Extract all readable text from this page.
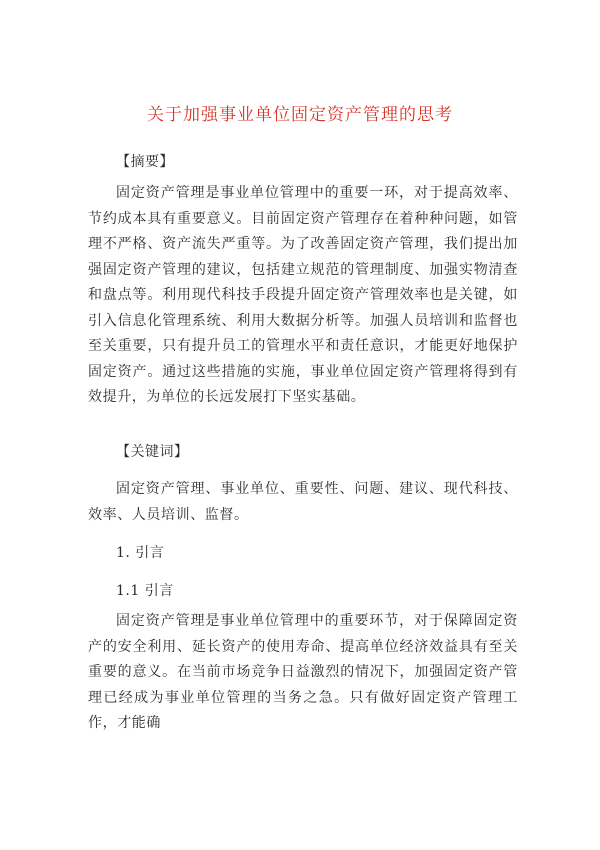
关于加强事业单位固定资产管理的思考

【摘要】

固定资产管理是事业单位管理中的重要一环，对于提高效率、节约成本具有重要意义。目前固定资产管理存在着种种问题，如管理不严格、资产流失严重等。为了改善固定资产管理，我们提出加强固定资产管理的建议，包括建立规范的管理制度、加强实物清查和盘点等。利用现代科技手段提升固定资产管理效率也是关键，如引入信息化管理系统、利用大数据分析等。加强人员培训和监督也至关重要，只有提升员工的管理水平和责任意识，才能更好地保护固定资产。通过这些措施的实施，事业单位固定资产管理将得到有效提升，为单位的长远发展打下坚实基础。

【关键词】

固定资产管理、事业单位、重要性、问题、建议、现代科技、效率、人员培训、监督。

1. 引言

1.1 引言

固定资产管理是事业单位管理中的重要环节，对于保障固定资产的安全利用、延长资产的使用寿命、提高单位经济效益具有至关重要的意义。在当前市场竞争日益激烈的情况下，加强固定资产管理已经成为事业单位管理的当务之急。只有做好固定资产管理工作，才能确
